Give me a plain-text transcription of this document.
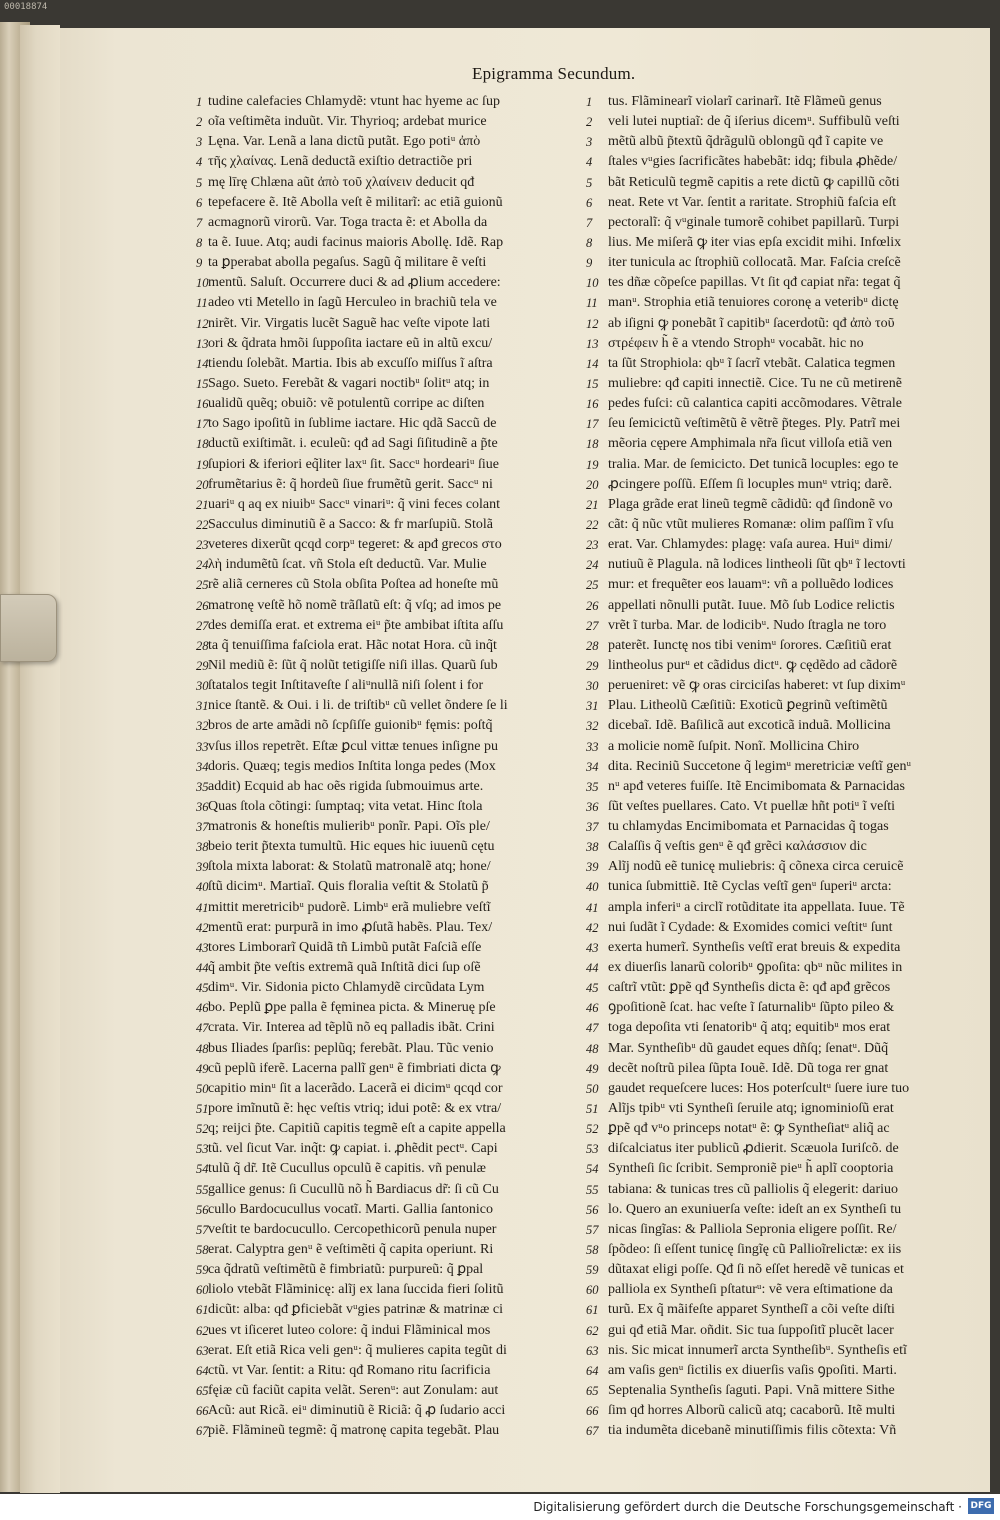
00018874
Epigramma Secundum.
1 tudine calefacies Chlamydẽ: vtunt hac hyeme ac ſup
2 oĩa veſtimẽta induũt. Vir. Thyrioq; ardebat murice
3 Lęna. Var. Lenã a lana dictũ putãt. Ego potiᵘ ἀπὸ
4 τῆς χλαίνας. Lenã deductã exiſtio detractiõe pri
5 mę līrę Chlæna aũt ἀπὸ τοῦ χλαίνειν deducit qđ
6 tepefacere ẽ. Itẽ Abolla veſt ẽ militarĩ: ac etiã guionũ
7 acmagnorũ virorũ. Var. Toga tracta ẽ: et Abolla da
8 ta ẽ. Iuue. Atq; audi facinus maioris Abollę. Idẽ. Rap
9 ta ꝑperabat abolla pegaſus. Sagũ q̃ militare ẽ veſti
10 mentũ. Saluſt. Occurrere duci & ad ꝓlium accedere:
11 adeo vti Metello in ſagũ Herculeo in brachiũ tela ve
12 nirẽt. Vir. Virgatis lucẽt Saguẽ hac veſte vipote lati
13 ori & q̃drata hmõi ſuppoſita iactare eũ in altũ excu/
14 tiendu ſolebãt. Martia. Ibis ab excuſſo miſſus ĩ aſtra
15 Sago. Sueto. Ferebãt & vagari noctibᵘ ſolitᵘ atq; in
16 ualidũ quẽq; obuiõ: vẽ potulentũ corripe ac diſten
17 to Sago ipoſitũ in ſublime iactare. Hic qdã Saccũ de
18 ductũ exiſtimãt. i. eculeũ: qđ ad Sagi ſiſitudinẽ a p̃te
19 ſupiori & iferiori eq̃liter laxᵘ ſit. Saccᵘ hordeariᵘ ſiue
20 frumẽtarius ẽ: q̃ hordeũ ſiue frumẽtũ gerit. Saccᵘ ni
21 uariᵘ q aq ex niuibᵘ Saccᵘ vinariᵘ: q̃ vini feces colant
22 Sacculus diminutiũ ẽ a Sacco: & fr marſupiũ. Stolã
23 veteres dixerũt qcqd corpᵘ tegeret: & apđ grecos στο
24 λὴ indumẽtũ ſcat. vñ Stola eſt deductũ. Var. Mulie
25 rẽ aliã cerneres cũ Stola obſita Poſtea ad honeſte mũ
26 matronę veſtẽ hõ nomẽ trãſlatũ eſt: q̃ vſq; ad imos pe
27 des demiſſa erat. et extrema eiᵘ p̃te ambibat iſtita aſſu
28 ta q̃ tenuiſſima faſciola erat. Hãc notat Hora. cũ inq̃t
29 Nil mediũ ẽ: ſũt q̃ nolũt tetigiſſe niſi illas. Quarũ ſub
30 ſtatalos tegit Inſtitaveſte ſ aliᵘnullã niſi ſolent i for
31 nice ſtantẽ. & Oui. i li. de triſtibᵘ cũ vellet õndere ſe li
32 bros de arte amãdi nõ ſcpſiſſe guionibᵘ fęmis: poſtq̃
33 vſus illos repetrẽt. Eſtæ ꝑcul vittæ tenues inſigne pu
34 doris. Quæq; tegis medios Inſtita longa pedes (Mox
35 addit) Ecquid ab hac oẽs rigida ſubmouimus arte.
36 Quas ſtola cõtingi: ſumptaq; vita vetat. Hinc ſtola
37 matronis & honeſtis mulieribᵘ ponĩr. Papi. Oĩs ple/
38 beio terit p̃texta tumultũ. Hic eques hic iuuenũ cętu
39 ſtola mixta laborat: & Stolatũ matronalẽ atq; hone/
40 ſtũ dicimᵘ. Martiaĩ. Quis floralia veſtit & Stolatũ p̃
41 mittit meretricibᵘ pudorẽ. Limbᵘ erã muliebre veſtĩ
42 mentũ erat: purpurã in imo ꝓſutã habẽs. Plau. Tex/
43 tores Limborarĩ Quidã tñ Limbũ putãt Faſciã eſſe
44 q̃ ambit p̃te veſtis extremã quã Inſtitã dici ſup oſẽ
45 dimᵘ. Vir. Sidonia picto Chlamydẽ circũdata Lym
46 bo. Peplũ ꝑpe palla ẽ fęminea picta. & Mineruę pſe
47 crata. Vir. Interea ad tẽplũ nõ eq palladis ibãt. Crini
48 bus Iliades ſparſis: peplũq; ferebãt. Plau. Tũc venio
49 cũ peplũ iferẽ. Lacerna pallĩ genᵘ ẽ fimbriati dicta ꝙ
50 capitio minᵘ ſit a lacerãdo. Lacerã ei dicimᵘ qcqd cor
51 pore imĩnutũ ẽ: hęc veſtis vtriq; idui potẽ: & ex vtra/
52 q; reijci p̃te. Capitiũ capitis tegmẽ eſt a capite appella
53 tũ. vel ſicut Var. inq̃t: ꝙ capiat. i. ꝓhẽdit pectᵘ. Capi
54 tulũ q̃ dr̃. Itẽ Cucullus opculũ ẽ capitis. vñ penulæ
55 gallice genus: ſi Cucullũ nõ h̃ Bardiacus dr̃: ſi cũ Cu
56 cullo Bardocucullus vocatĩ. Marti. Gallia ſantonico
57 veſtit te bardocucullo. Cercopethicorũ penula nuper
58 erat. Calyptra genᵘ ẽ veſtimẽti q̃ capita operiunt. Ri
59 ca q̃dratũ veſtimẽtũ ẽ fimbriatũ: purpureũ: q̃ ꝑpal
60 liolo vtebãt Flãminicę: alĩj ex lana ſuccida fieri ſolitũ
61 dicũt: alba: qđ ꝑficiebãt vᵘgies patrinæ & matrinæ ci
62 ues vt iſiceret luteo colore: q̃ indui Flãminical mos
63 erat. Eſt etiã Rica veli genᵘ: q̃ mulieres capita tegũt di
64 ctũ. vt Var. ſentit: a Ritu: qđ Romano ritu ſacrificia
65 fęiæ cũ faciũt capita velãt. Serenᵘ: aut Zonulam: aut
66 Acũ: aut Ricã. eiᵘ diminutiũ ẽ Riciã: q̃ ꝓ ſudario acci
67 piẽ. Flãmineũ tegmẽ: q̃ matronę capita tegebãt. Plau
1	tus. Flãminearĩ violarĩ carinarĩ. Itẽ Flãmeũ genus
2	veli lutei nuptiaĩ: de q̃ iſerius dicemᵘ. Suffibulũ veſti
3	mẽtũ albũ p̃textũ q̃drãgulũ oblongũ qđ ĩ capite ve
4	ſtales vᵘgies ſacrificãtes habebãt: idq; fibula ꝓhẽde/
5	bãt Reticulũ tegmẽ capitis a rete dictũ ꝙ capillũ cõti
6	neat. Rete vt Var. ſentit a raritate. Strophiũ faſcia eſt
7	pectoralĩ: q̃ vᵘginale tumorẽ cohibet papillarũ. Turpi
8	lius. Me miſerã ꝙ iter vias epſa excidit mihi. Infœlix
9	iter tunicula ac ſtrophiũ collocatã. Mar. Faſcia creſcẽ
10 tes dñæ cõpeſce papillas. Vt ſit qđ capiat nr̃a: tegat q̃
11 manᵘ. Strophia etiã tenuiores coronę a veteribᵘ dictę
12 ab iſigni ꝙ ponebãt ĩ capitibᵘ ſacerdotũ: qđ ἀπὸ τοῦ
13 στρέφειν h̃ ẽ a vtendo Strophᵘ vocabãt. hic no
14 ta ſũt Strophiola: qbᵘ ĩ ſacrĩ vtebãt. Calatica tegmen
15 muliebre: qđ capiti innectiẽ. Cice. Tu ne cũ metirenẽ
16 pedes fuſci: cũ calantica capiti accõmodares. Vẽtrale
17 ſeu ſemicictũ veſtimẽtũ ẽ vẽtrẽ p̃teges. Ply. Patrĩ mei
18 mẽoria cępere Amphimala nr̃a ſicut villoſa etiã ven
19 tralia. Mar. de ſemicicto. Det tunicã locuples: ego te
20 ꝓcingere poſſũ. Eſſem ſi locuples munᵘ vtriq; darẽ.
21 Plaga grãde erat lineũ tegmẽ cãdidũ: qđ ſindonẽ vo
22 cãt: q̃ nũc vtũt mulieres Romanæ: olim paſſim ĩ vſu
23 erat. Var. Chlamydes: plagę: vaſa aurea. Huiᵘ dimi/
24 nutiuũ ẽ Plagula. nã lodices lintheoli ſũt qbᵘ ĩ lectovti
25 mur: et frequẽter eos lauamᵘ: vñ a polluẽdo lodices
26 appellati nõnulli putãt. Iuue. Mõ ſub Lodice relictis
27 vrẽt ĩ turba. Mar. de lodicibᵘ. Nudo ſtragla ne toro
28 paterẽt. Iunctę nos tibi venimᵘ ſorores. Cæſitiũ erat
29 lintheolus purᵘ et cãdidus dictᵘ. ꝙ cędẽdo ad cãdorẽ
30 perueniret: vẽ ꝙ oras circiciſas haberet: vt ſup diximᵘ
31 Plau. Litheolũ Cæſitiũ: Exoticũ ꝑegrinũ veſtimẽtũ
32 dicebaĩ. Idẽ. Baſilicã aut excoticã induã. Mollicina
33 a molicie nomẽ ſuſpit. Nonĩ. Mollicina Chiro
34 dita. Reciniũ Succetone q̃ legimᵘ meretriciæ veſtĩ genᵘ
35 nᵘ apđ veteres fuiſſe. Itẽ Encimibomata & Parnacidas
36 ſũt veſtes puellares. Cato. Vt puellæ hñt potiᵘ ĩ veſti
37 tu chlamydas Encimibomata et Parnacidas q̃ togas
38 Calaſſis q̃ veſtis genᵘ ẽ qđ grẽci καλάσσιον dic
39 Alĩj nodũ eẽ tunicę muliebris: q̃ cõnexa circa ceruicẽ
40 tunica ſubmittiẽ. Itẽ Cyclas veſtĩ genᵘ ſuperiᵘ arcta:
41 ampla inferiᵘ a circlĩ rotũditate ita appellata. Iuue. Tẽ
42 nui ſudãt ĩ Cydade: & Exomides comici veſtitᵘ ſunt
43 exerta humerĩ. Syntheſis veſtĩ erat breuis & expedita
44 ex diuerſis lanarũ coloribᵘ ꝯpoſita: qbᵘ nũc milites in
45 caſtrĩ vtũt: ꝑpẽ qđ Syntheſis dicta ẽ: qđ apđ grẽcos
46 ꝯpoſitionẽ ſcat. hac veſte ĩ ſaturnalibᵘ ſũpto pileo &
47 toga depoſita vti ſenatoribᵘ q̃ atq; equitibᵘ mos erat
48 Mar. Syntheſibᵘ dũ gaudet eques dñſq; ſenatᵘ. Dũq̃
49 decẽt noſtrũ pilea ſũpta Iouẽ. Idẽ. Dũ toga rer gnat
50 gaudet requeſcere luces: Hos poterſcultᵘ ſuere iure tuo
51 Alĩjs tpibᵘ vti Syntheſi ſeruile atq; ignominioſũ erat
52 ꝑpẽ qđ vᵘo princeps notatᵘ ẽ: ꝙ Syntheſiatᵘ aliq̃ ac
53 diſcalciatus iter publicũ ꝓdierit. Scæuola Iuriſcõ. de
54 Syntheſi ſic ſcribit. Semproniẽ pieᵘ h̃ aplĩ cooptoria
55 tabiana: & tunicas tres cũ palliolis q̃ elegerit: dariuo
56 lo. Quero an exuniuerſa veſte: ideſt an ex Syntheſi tu
57 nicas ſingĩas: & Palliola Sepronia eligere poſſit. Re/
58 ſpõdeo: ſi eſſent tunicę ſingĩę cũ Pallioĩrelictæ: ex iis
59 dũtaxat eligi poſſe. Qđ ſi nõ eſſet heredẽ vẽ tunicas et
60 palliola ex Syntheſi pſtaturᵘ: vẽ vera eſtimatione da
61 turũ. Ex q̃ mãifeſte apparet Syntheſĩ a cõi veſte diſti
62 gui qđ etiã Mar. oñdit. Sic tua ſuppoſitĩ plucẽt lacer
63 nis. Sic micat innumerĩ arcta Syntheſibᵘ. Syntheſis etĩ
64 am vaſis genᵘ ſictilis ex diuerſis vaſis ꝯpoſiti. Marti.
65 Septenalia Syntheſis ſaguti. Papi. Vnã mittere Sithe
66 ſim qđ horres Alborũ calicũ atq; cacaborũ. Itẽ multi
67 tia indumẽta dicebanẽ minutiſſimis filis cõtexta: Vñ
Digitalisierung gefördert durch die Deutsche Forschungsgemeinschaft · DFG
